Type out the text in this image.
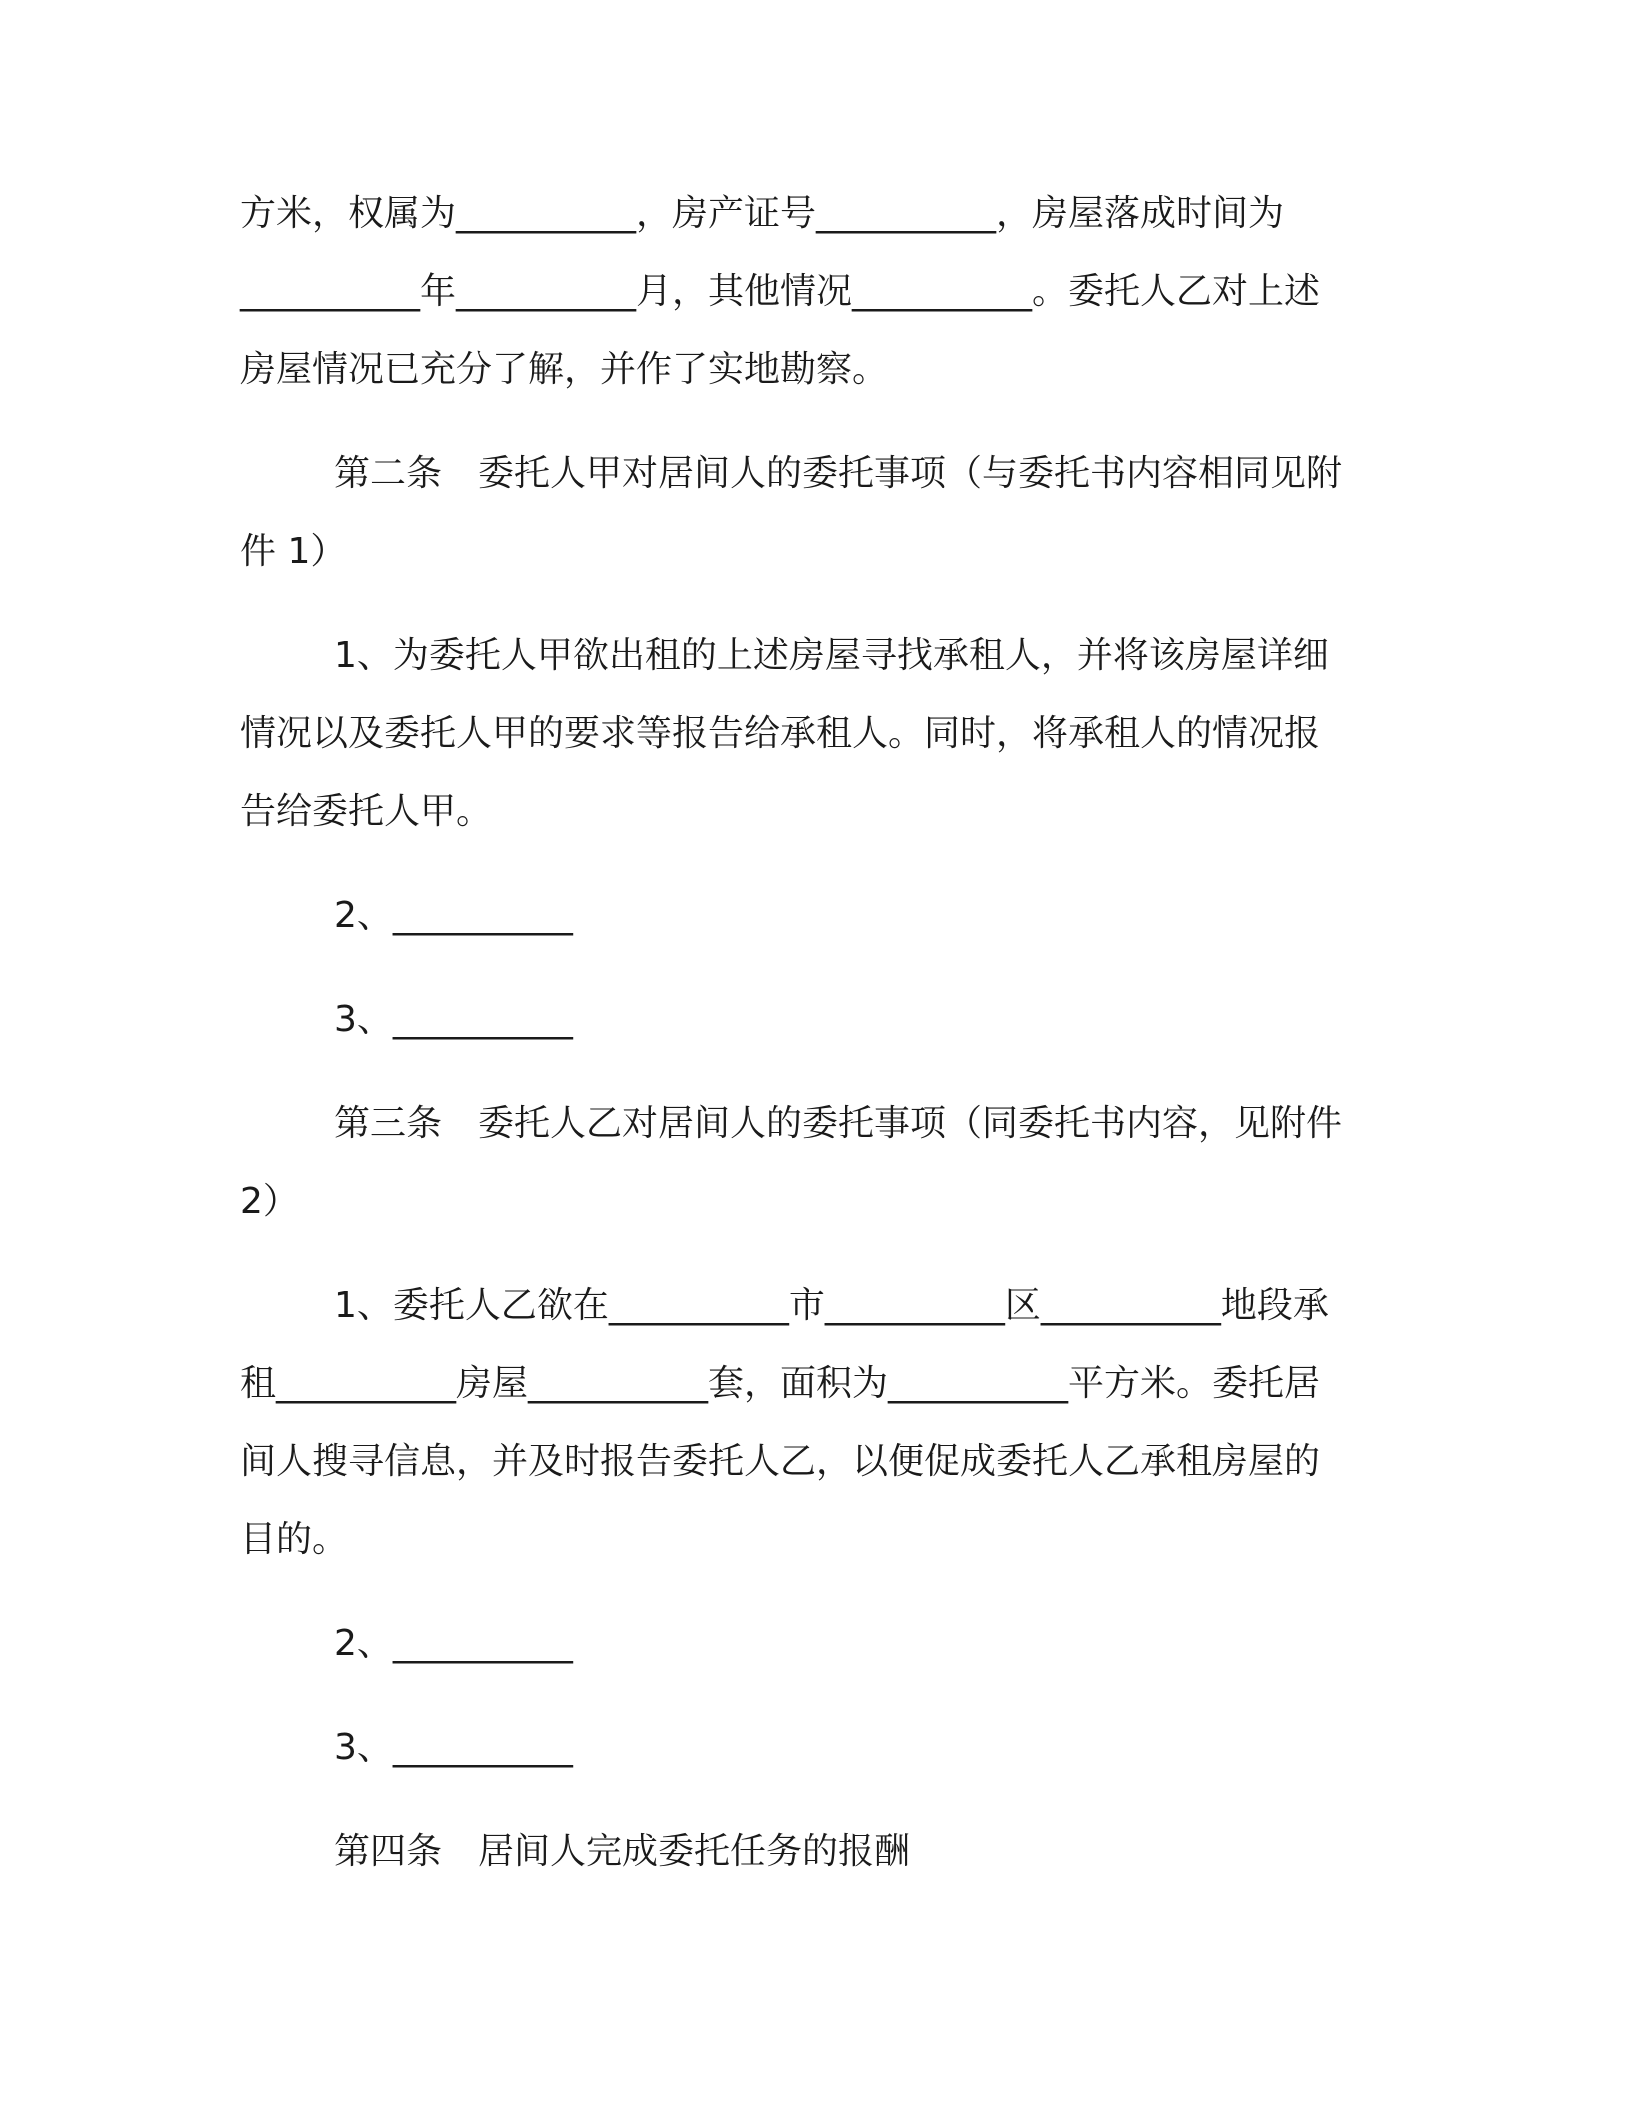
方米，权属为__________，房产证号__________，房屋落成时间为
__________年__________月，其他情况__________。委托人乙对上述
房屋情况已充分了解，并作了实地勘察。
第二条　委托人甲对居间人的委托事项（与委托书内容相同见附
件 1）
1、为委托人甲欲出租的上述房屋寻找承租人，并将该房屋详细
情况以及委托人甲的要求等报告给承租人。同时，将承租人的情况报
告给委托人甲。
2、__________
3、__________
第三条　委托人乙对居间人的委托事项（同委托书内容，见附件
2）
1、委托人乙欲在__________市__________区__________地段承
租__________房屋__________套，面积为__________平方米。委托居
间人搜寻信息，并及时报告委托人乙，以便促成委托人乙承租房屋的
目的。
2、__________
3、__________
第四条　居间人完成委托任务的报酬
